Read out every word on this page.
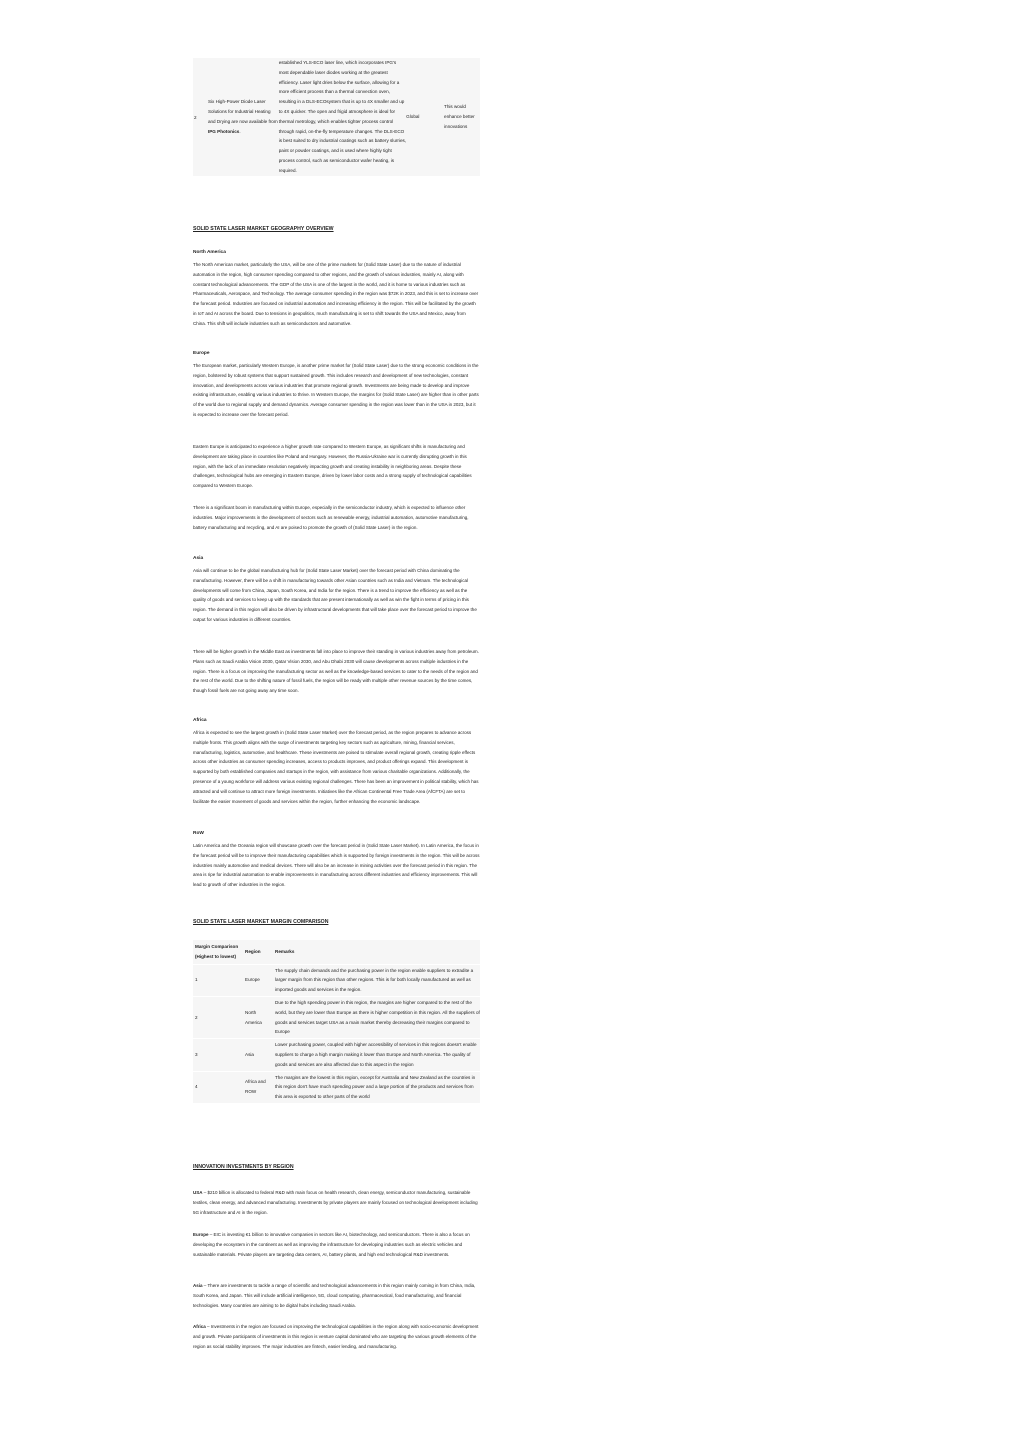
2	Six High-Power Diode Laser Solutions for Industrial Heating and Drying are now available from IPG Photonics.	established YLS-ECO laser line, which incorporates IPG's most dependable laser diodes working at the greatest efficiency. Laser light dries below the surface, allowing for a more efficient process than a thermal convection oven, resulting in a DLS-ECOsystem that is up to 4X smaller and up to 4X quicker. The open and frigid atmosphere is ideal for thermal metrology, which enables tighter process control through rapid, on-the-fly temperature changes. The DLS-ECO is best suited to dry industrial coatings such as battery slurries, paint or powder coatings, and is used where highly tight process control, such as semiconductor wafer heating, is required.	Global	This would enhance better innovations
SOLID STATE LASER MARKET GEOGRAPHY OVERVIEW
North America
The North American market, particularly the USA, will be one of the prime markets for (Solid State Laser) due to the nature of industrial automation in the region, high consumer spending compared to other regions, and the growth of various industries, mainly AI, along with constant technological advancements. The GDP of the USA is one of the largest in the world, and it is home to various industries such as Pharmaceuticals, Aerospace, and Technology. The average consumer spending in the region was $72K in 2023, and this is set to increase over the forecast period. Industries are focused on industrial automation and increasing efficiency in the region. This will be facilitated by the growth in IoT and AI across the board. Due to tensions in geopolitics, much manufacturing is set to shift towards the USA and Mexico, away from China. This shift will include industries such as semiconductors and automotive.
Europe
The European market, particularly Western Europe, is another prime market for (Solid State Laser) due to the strong economic conditions in the region, bolstered by robust systems that support sustained growth. This includes research and development of new technologies, constant innovation, and developments across various industries that promote regional growth. Investments are being made to develop and improve existing infrastructure, enabling various industries to thrive. In Western Europe, the margins for (Solid State Laser) are higher than in other parts of the world due to regional supply and demand dynamics. Average consumer spending in the region was lower than in the USA in 2023, but it is expected to increase over the forecast period.
Eastern Europe is anticipated to experience a higher growth rate compared to Western Europe, as significant shifts in manufacturing and development are taking place in countries like Poland and Hungary. However, the Russia-Ukraine war is currently disrupting growth in this region, with the lack of an immediate resolution negatively impacting growth and creating instability in neighboring areas. Despite these challenges, technological hubs are emerging in Eastern Europe, driven by lower labor costs and a strong supply of technological capabilities compared to Western Europe.
There is a significant boom in manufacturing within Europe, especially in the semiconductor industry, which is expected to influence other industries. Major improvements in the development of sectors such as renewable energy, industrial automation, automotive manufacturing, battery manufacturing and recycling, and AI are poised to promote the growth of (Solid State Laser) in the region.
Asia
Asia will continue to be the global manufacturing hub for (Solid State Laser Market) over the forecast period with China dominating the manufacturing. However, there will be a shift in manufacturing towards other Asian countries such as India and Vietnam. The technological developments will come from China, Japan, South Korea, and India for the region. There is a trend to improve the efficiency as well as the quality of goods and services to keep up with the standards that are present internationally as well as win the fight in terms of pricing in this region. The demand in this region will also be driven by infrastructural developments that will take place over the forecast period to improve the output for various industries in different countries.
There will be higher growth in the Middle East as investments fall into place to improve their standing in various industries away from petroleum. Plans such as Saudi Arabia Vision 2030, Qatar Vision 2030, and Abu Dhabi 2030 will cause developments across multiple industries in the region. There is a focus on improving the manufacturing sector as well as the knowledge-based services to cater to the needs of the region and the rest of the world. Due to the shifting nature of fossil fuels, the region will be ready with multiple other revenue sources by the time comes, though fossil fuels are not going away any time soon.
Africa
Africa is expected to see the largest growth in (Solid State Laser Market) over the forecast period, as the region prepares to advance across multiple fronts. This growth aligns with the surge of investments targeting key sectors such as agriculture, mining, financial services, manufacturing, logistics, automotive, and healthcare. These investments are poised to stimulate overall regional growth, creating ripple effects across other industries as consumer spending increases, access to products improves, and product offerings expand. This development is supported by both established companies and startups in the region, with assistance from various charitable organizations. Additionally, the presence of a young workforce will address various existing regional challenges. There has been an improvement in political stability, which has attracted and will continue to attract more foreign investments. Initiatives like the African Continental Free Trade Area (AfCFTA) are set to facilitate the easier movement of goods and services within the region, further enhancing the economic landscape.
RoW
Latin America and the Oceania region will showcase growth over the forecast period in (Solid State Laser Market). In Latin America, the focus in the forecast period will be to improve their manufacturing capabilities which is supported by foreign investments in the region. This will be across industries mainly automotive and medical devices. There will also be an increase in mining activities over the forecast period in this region. The area is ripe for industrial automation to enable improvements in manufacturing across different industries and efficiency improvements. This will lead to growth of other industries in the region.
SOLID STATE LASER MARKET MARGIN COMPARISON
Margin Comparison (Highest to lowest)	Region	Remarks
1	Europe	The supply chain demands and the purchasing power in the region enable suppliers to extradite a larger margin from this region than other regions. This is for both locally manufactured as well as imported goods and services in the region.
2	North America	Due to the high spending power in this region, the margins are higher compared to the rest of the world, but they are lower than Europe as there is higher competition in this region. All the suppliers of goods and services target USA as a main market thereby decreasing their margins compared to Europe
3	Asia	Lower purchasing power, coupled with higher accessibility of services in this regions doesn't enable suppliers to charge a high margin making it lower than Europe and North America. The quality of goods and services are also affected due to this aspect in the region
4	Africa and ROW	The margins are the lowest in this region, except for Australia and New Zealand as the countries in this region don't have much spending power and a large portion of the products and services from this area is exported to other parts of the world
INNOVATION INVESTMENTS BY REGION
USA – $210 billion is allocated to federal R&D with main focus on health research, clean energy, semiconductor manufacturing, sustainable textiles, clean energy, and advanced manufacturing. Investments by private players are mainly focused on technological development including 5G infrastructure and AI in the region.
Europe – EIC is investing €1 billion to innovative companies in sectors like AI, biotechnology, and semiconductors. There is also a focus on developing the ecosystem in the continent as well as improving the infrastructure for developing industries such as electric vehicles and sustainable materials. Private players are targeting data centers, AI, battery plants, and high end technological R&D investments.
Asia – There are investments to tackle a range of scientific and technological advancements in this region mainly coming in from China, India, South Korea, and Japan. This will include artificial intelligence, 5G, cloud computing, pharmaceutical, food manufacturing, and financial technologies. Many countries are aiming to be digital hubs including Saudi Arabia.
Africa – Investments in the region are focused on improving the technological capabilities in the region along with socio-economic development and growth. Private participants of investments in this region is venture capital dominated who are targeting the various growth elements of the region as social stability improves. The major industries are fintech, easier lending, and manufacturing.
